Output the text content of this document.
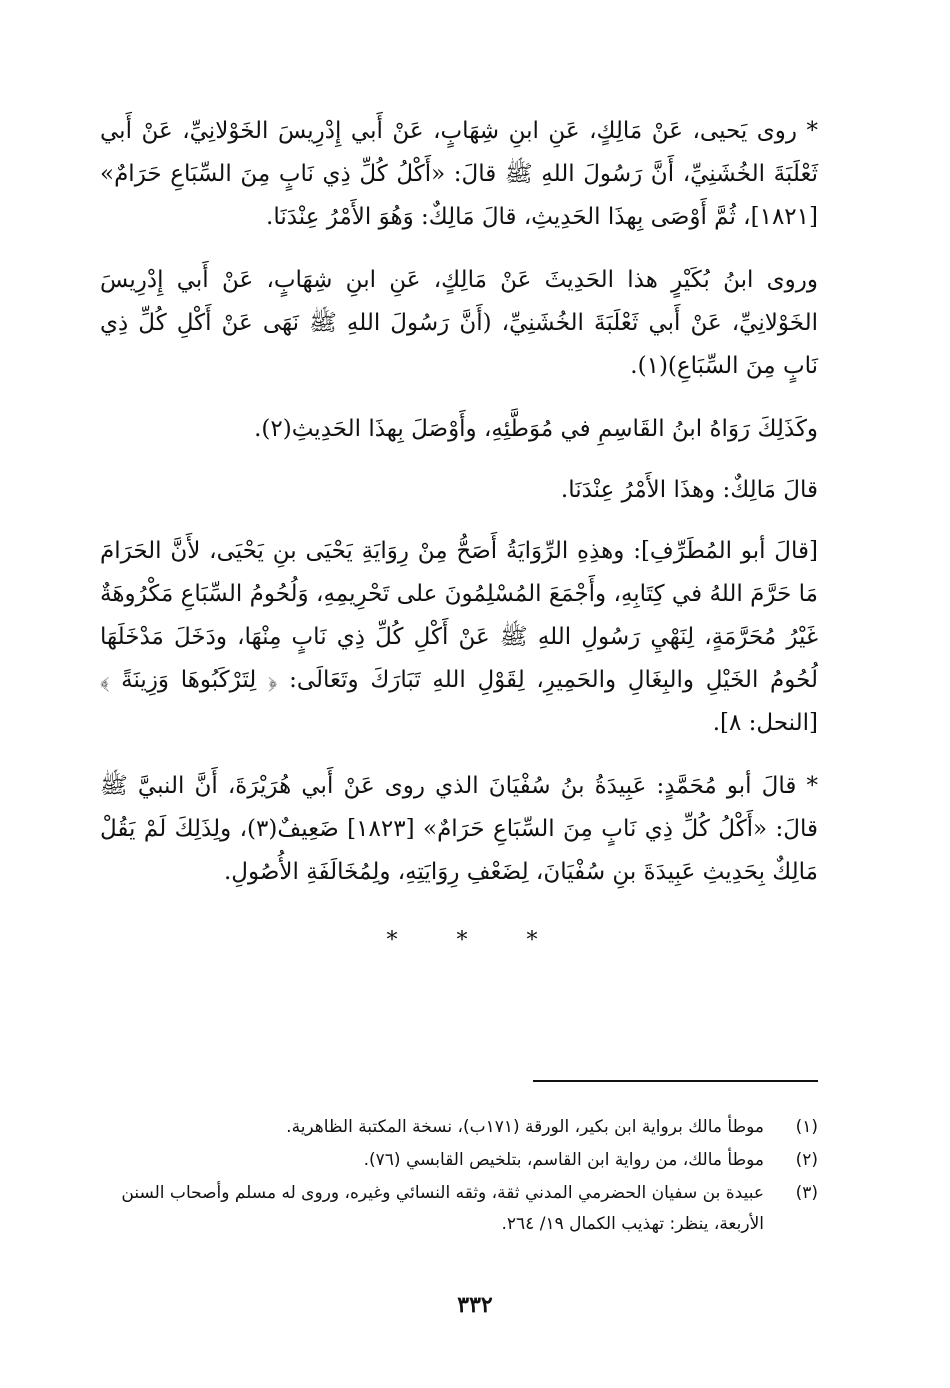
* روى يَحيى، عَنْ مَالِكٍ، عَنِ ابنِ شِهَابٍ، عَنْ أَبي إِدْرِيسَ الخَوْلانِيِّ، عَنْ أَبي ثَعْلَبَةَ الخُشَنِيِّ، أَنَّ رَسُولَ اللهِ ﷺ قالَ: «أَكْلُ كُلِّ ذِي نَابٍ مِنَ السِّبَاعِ حَرَامٌ» [١٨٢١]، ثُمَّ أَوْصَى بِهذَا الحَدِيثِ، قالَ مَالِكٌ: وَهُوَ الأَمْرُ عِنْدَنَا.

وروى ابنُ بُكَيْرٍ هذا الحَدِيثَ عَنْ مَالِكٍ، عَنِ ابنِ شِهَابٍ، عَنْ أَبي إِدْرِيسَ الخَوْلانِيِّ، عَنْ أَبي ثَعْلَبَةَ الخُشَنِيِّ، (أَنَّ رَسُولَ اللهِ ﷺ نَهَى عَنْ أَكْلِ كُلِّ ذِي نَابٍ مِنَ السِّبَاعِ)(١).

وكَذَلِكَ رَوَاهُ ابنُ القَاسِمِ في مُوَطَّئِهِ، وأَوْصَلَ بِهذَا الحَدِيثِ(٢).

قالَ مَالِكٌ: وهذَا الأَمْرُ عِنْدَنَا.

[قالَ أبو المُطَرِّفِ]: وهذِهِ الرِّوَايَةُ أَصَحُّ مِنْ رِوَايَةِ يَحْيَى بنِ يَحْيَى، لأَنَّ الحَرَامَ مَا حَرَّمَ اللهُ في كِتَابِهِ، وأَجْمَعَ المُسْلِمُونَ على تَحْرِيمِهِ، وَلُحُومُ السِّبَاعِ مَكْرُوهَةٌ غَيْرُ مُحَرَّمَةٍ، لِنَهْيِ رَسُولِ اللهِ ﷺ عَنْ أَكْلِ كُلِّ ذِي نَابٍ مِنْهَا، ودَخَلَ مَدْخَلَهَا لُحُومُ الخَيْلِ والبِغَالِ والحَمِيرِ، لِقَوْلِ اللهِ تَبَارَكَ وتَعَالَى: ﴿ لِتَرْكَبُوهَا وَزِينَةً ﴾ [النحل: ٨].

* قالَ أبو مُحَمَّدٍ: عَبِيدَةُ بنُ سُفْيَانَ الذي روى عَنْ أَبي هُرَيْرَةَ، أَنَّ النبيَّ ﷺ قالَ: «أَكْلُ كُلِّ ذِي نَابٍ مِنَ السِّبَاعِ حَرَامٌ» [١٨٢٣] ضَعِيفٌ(٣)، ولِذَلِكَ لَمْ يَقُلْ مَالِكٌ بِحَدِيثِ عَبِيدَةَ بنِ سُفْيَانَ، لِضَعْفِ رِوَايَتِهِ، ولِمُخَالَفَةِ الأُصُولِ.

* * *
(١)
موطأ مالك برواية ابن بكير، الورقة (١٧١ب)، نسخة المكتبة الظاهرية.
(٢)
موطأ مالك، من رواية ابن القاسم، بتلخيص القابسي (٧٦).
(٣)
عبيدة بن سفيان الحضرمي المدني ثقة، وثقه النسائي وغيره، وروى له مسلم وأصحاب السنن الأربعة، ينظر: تهذيب الكمال ١٩/ ٢٦٤.
٣٣٢
